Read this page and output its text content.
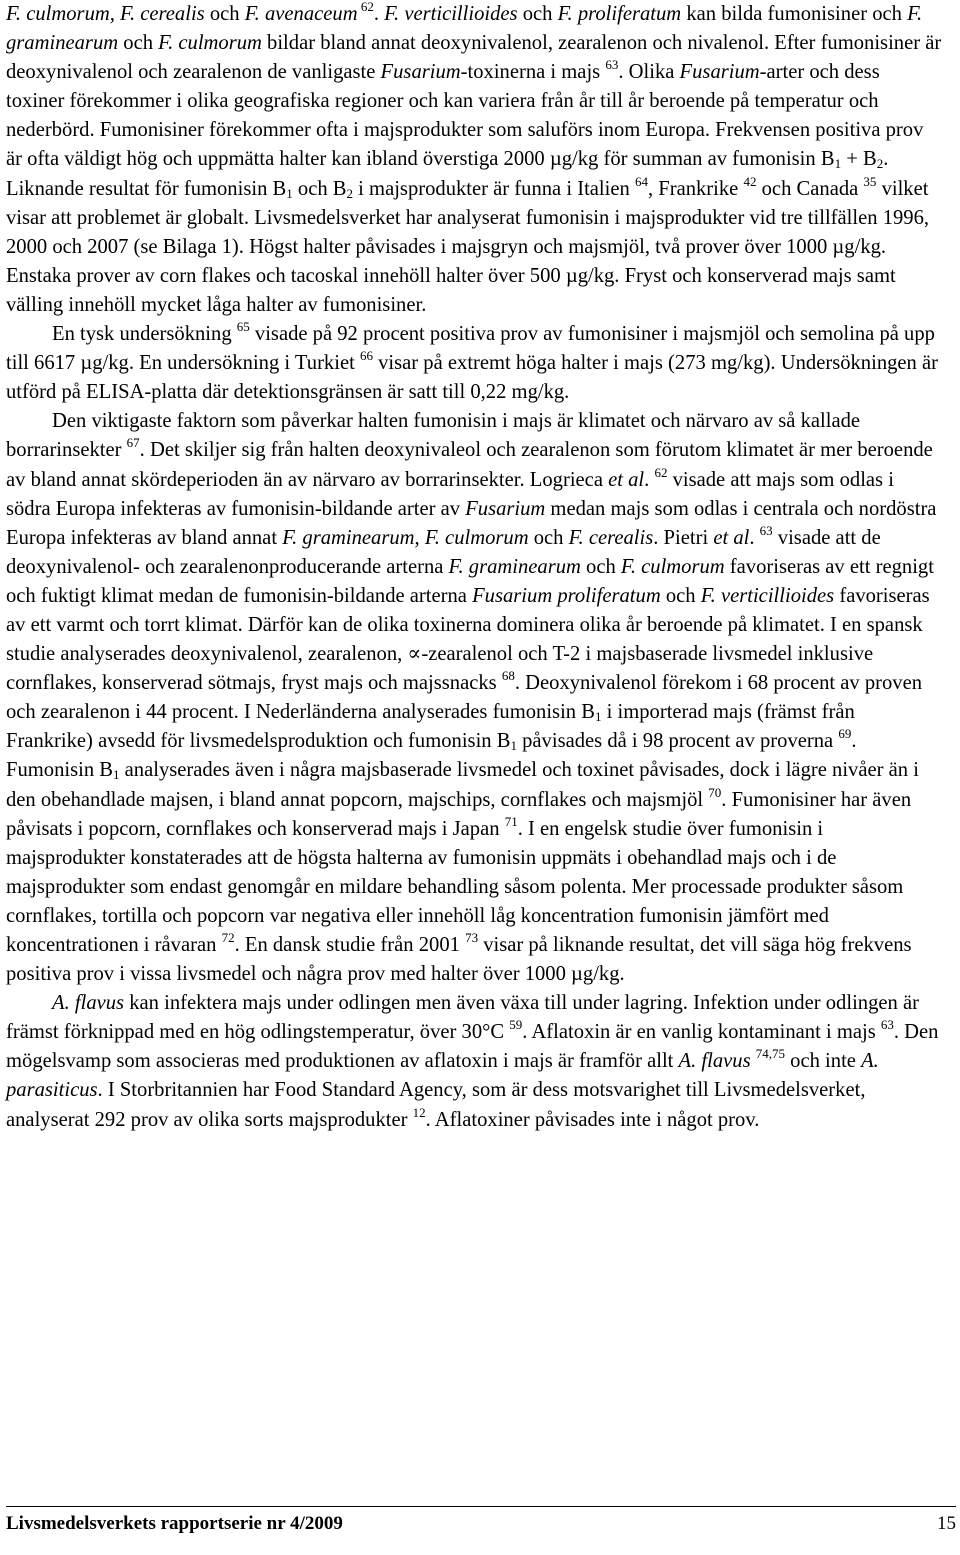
F. culmorum, F. cerealis och F. avenaceum $^{62}$. F. verticillioides och F. proliferatum kan bilda fumonisiner och F. graminearum och F. culmorum bildar bland annat deoxynivalenol, zearalenon och nivalenol. Efter fumonisiner är deoxynivalenol och zearalenon de vanligaste Fusarium-toxinerna i majs $^{63}$. Olika Fusarium-arter och dess toxiner förekommer i olika geografiska regioner och kan variera från år till år beroende på temperatur och nederbörd. Fumonisiner förekommer ofta i majsprodukter som saluförs inom Europa. Frekvensen positiva prov är ofta väldigt hög och uppmätta halter kan ibland överstiga 2000 µg/kg för summan av fumonisin $B_1 + B_2$. Liknande resultat för fumonisin $B_1$ och $B_2$ i majsprodukter är funna i Italien $^{64}$, Frankrike $^{42}$ och Canada $^{35}$ vilket visar att problemet är globalt. Livsmedelsverket har analyserat fumonisin i majsprodukter vid tre tillfällen 1996, 2000 och 2007 (se Bilaga 1). Högst halter påvisades i majsgryn och majsmjöl, två prover över 1000 µg/kg. Enstaka prover av corn flakes och tacoskal innehöll halter över 500 µg/kg. Fryst och konserverad majs samt välling innehöll mycket låga halter av fumonisiner.

En tysk undersökning $^{65}$ visade på 92 procent positiva prov av fumonisiner i majsmjöl och semolina på upp till 6617 µg/kg. En undersökning i Turkiet $^{66}$ visar på extremt höga halter i majs (273 mg/kg). Undersökningen är utförd på ELISA-platta där detektionsgränsen är satt till 0,22 mg/kg.

Den viktigaste faktorn som påverkar halten fumonisin i majs är klimatet och närvaro av så kallade borrarinsekter $^{67}$. Det skiljer sig från halten deoxynivaleol och zearalenon som förutom klimatet är mer beroende av bland annat skördeperioden än av närvaro av borrarinsekter. Logrieca et al. $^{62}$ visade att majs som odlas i södra Europa infekteras av fumonisin-bildande arter av Fusarium medan majs som odlas i centrala och nordöstra Europa infekteras av bland annat F. graminearum, F. culmorum och F. cerealis. Pietri et al. $^{63}$ visade att de deoxynivalenol- och zearalenonproducerande arterna F. graminearum och F. culmorum favoriseras av ett regnigt och fuktigt klimat medan de fumonisin-bildande arterna Fusarium proliferatum och F. verticillioides favoriseras av ett varmt och torrt klimat. Därför kan de olika toxinerna dominera olika år beroende på klimatet. I en spansk studie analyserades deoxynivalenol, zearalenon, ∝-zearalenol och T-2 i majsbaserade livsmedel inklusive cornflakes, konserverad sötmajs, fryst majs och majssnacks $^{68}$. Deoxynivalenol förekom i 68 procent av proven och zearalenon i 44 procent. I Nederländerna analyserades fumonisin $B_1$ i importerad majs (främst från Frankrike) avsedd för livsmedelsproduktion och fumonisin $B_1$ påvisades då i 98 procent av proverna $^{69}$. Fumonisin $B_1$ analyserades även i några majsbaserade livsmedel och toxinet påvisades, dock i lägre nivåer än i den obehandlade majsen, i bland annat popcorn, majschips, cornflakes och majsmjöl $^{70}$. Fumonisiner har även påvisats i popcorn, cornflakes och konserverad majs i Japan $^{71}$. I en engelsk studie över fumonisin i majsprodukter konstaterades att de högsta halterna av fumonisin uppmäts i obehandlad majs och i de majsprodukter som endast genomgår en mildare behandling såsom polenta. Mer processade produkter såsom cornflakes, tortilla och popcorn var negativa eller innehöll låg koncentration fumonisin jämfört med koncentrationen i råvaran $^{72}$. En dansk studie från 2001 $^{73}$ visar på liknande resultat, det vill säga hög frekvens positiva prov i vissa livsmedel och några prov med halter över 1000 µg/kg.

A. flavus kan infektera majs under odlingen men även växa till under lagring. Infektion under odlingen är främst förknippad med en hög odlingstemperatur, över 30°C $^{59}$. Aflatoxin är en vanlig kontaminant i majs $^{63}$. Den mögelsvamp som associeras med produktionen av aflatoxin i majs är framför allt A. flavus $^{74,75}$ och inte A. parasiticus. I Storbritannien har Food Standard Agency, som är dess motsvarighet till Livsmedelsverket, analyserat 292 prov av olika sorts majsprodukter $^{12}$. Aflatoxiner påvisades inte i något prov.

Livsmedelsverkets rapportserie nr 4/2009	15
